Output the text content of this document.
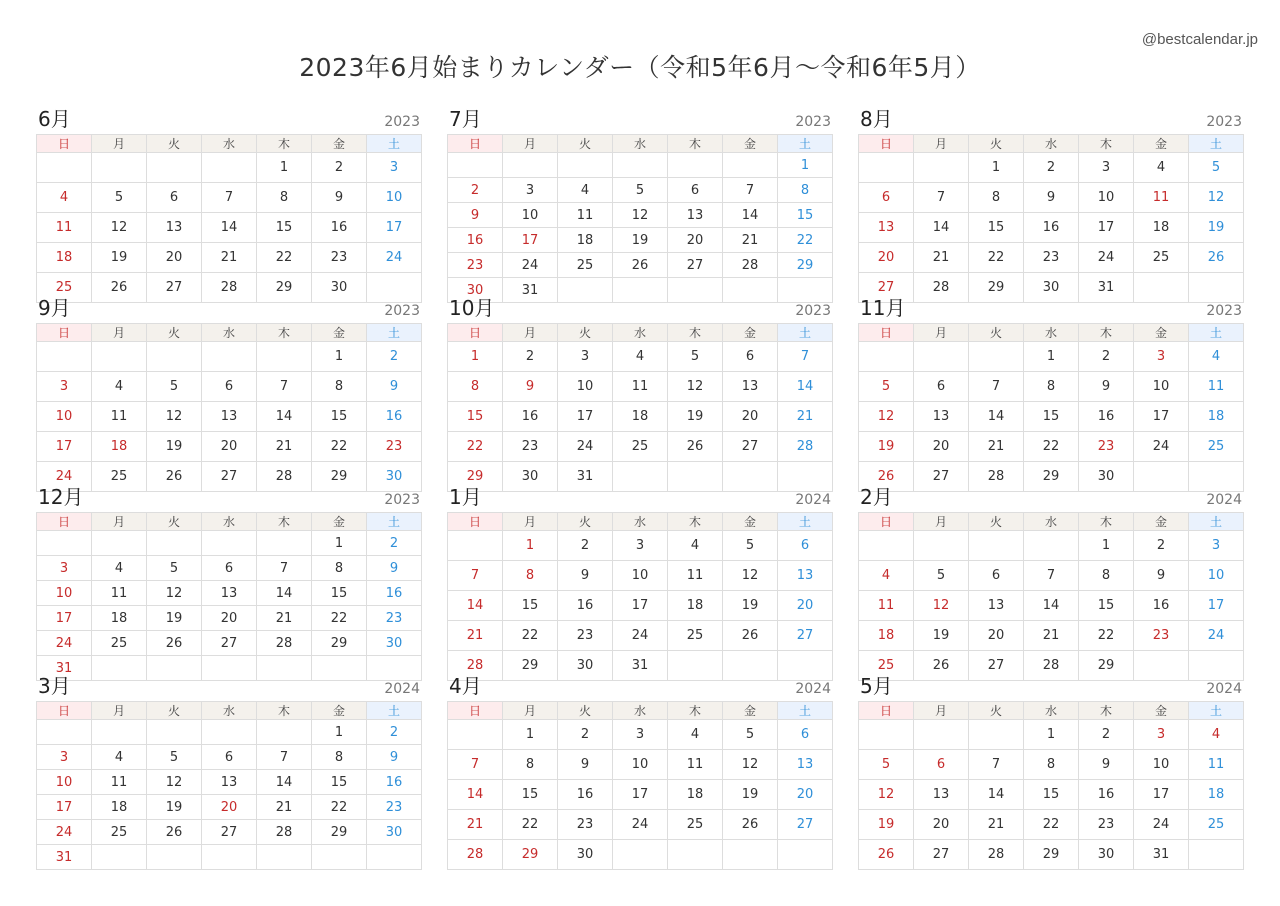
@bestcalendar.jp
2023年6月始まりカレンダー（令和5年6月〜令和6年5月）
6月	2023
日	月	火	水	木	金	土
				1	2	3
4	5	6	7	8	9	10
11	12	13	14	15	16	17
18	19	20	21	22	23	24
25	26	27	28	29	30	
7月	2023
日	月	火	水	木	金	土
						1
2	3	4	5	6	7	8
9	10	11	12	13	14	15
16	17	18	19	20	21	22
23	24	25	26	27	28	29
30	31					
8月	2023
日	月	火	水	木	金	土
		1	2	3	4	5
6	7	8	9	10	11	12
13	14	15	16	17	18	19
20	21	22	23	24	25	26
27	28	29	30	31		
9月	2023
日	月	火	水	木	金	土
					1	2
3	4	5	6	7	8	9
10	11	12	13	14	15	16
17	18	19	20	21	22	23
24	25	26	27	28	29	30
10月	2023
日	月	火	水	木	金	土
1	2	3	4	5	6	7
8	9	10	11	12	13	14
15	16	17	18	19	20	21
22	23	24	25	26	27	28
29	30	31				
11月	2023
日	月	火	水	木	金	土
			1	2	3	4
5	6	7	8	9	10	11
12	13	14	15	16	17	18
19	20	21	22	23	24	25
26	27	28	29	30		
12月	2023
日	月	火	水	木	金	土
					1	2
3	4	5	6	7	8	9
10	11	12	13	14	15	16
17	18	19	20	21	22	23
24	25	26	27	28	29	30
31						
1月	2024
日	月	火	水	木	金	土
	1	2	3	4	5	6
7	8	9	10	11	12	13
14	15	16	17	18	19	20
21	22	23	24	25	26	27
28	29	30	31			
2月	2024
日	月	火	水	木	金	土
				1	2	3
4	5	6	7	8	9	10
11	12	13	14	15	16	17
18	19	20	21	22	23	24
25	26	27	28	29		
3月	2024
日	月	火	水	木	金	土
					1	2
3	4	5	6	7	8	9
10	11	12	13	14	15	16
17	18	19	20	21	22	23
24	25	26	27	28	29	30
31						
4月	2024
日	月	火	水	木	金	土
	1	2	3	4	5	6
7	8	9	10	11	12	13
14	15	16	17	18	19	20
21	22	23	24	25	26	27
28	29	30				
5月	2024
日	月	火	水	木	金	土
			1	2	3	4
5	6	7	8	9	10	11
12	13	14	15	16	17	18
19	20	21	22	23	24	25
26	27	28	29	30	31	
